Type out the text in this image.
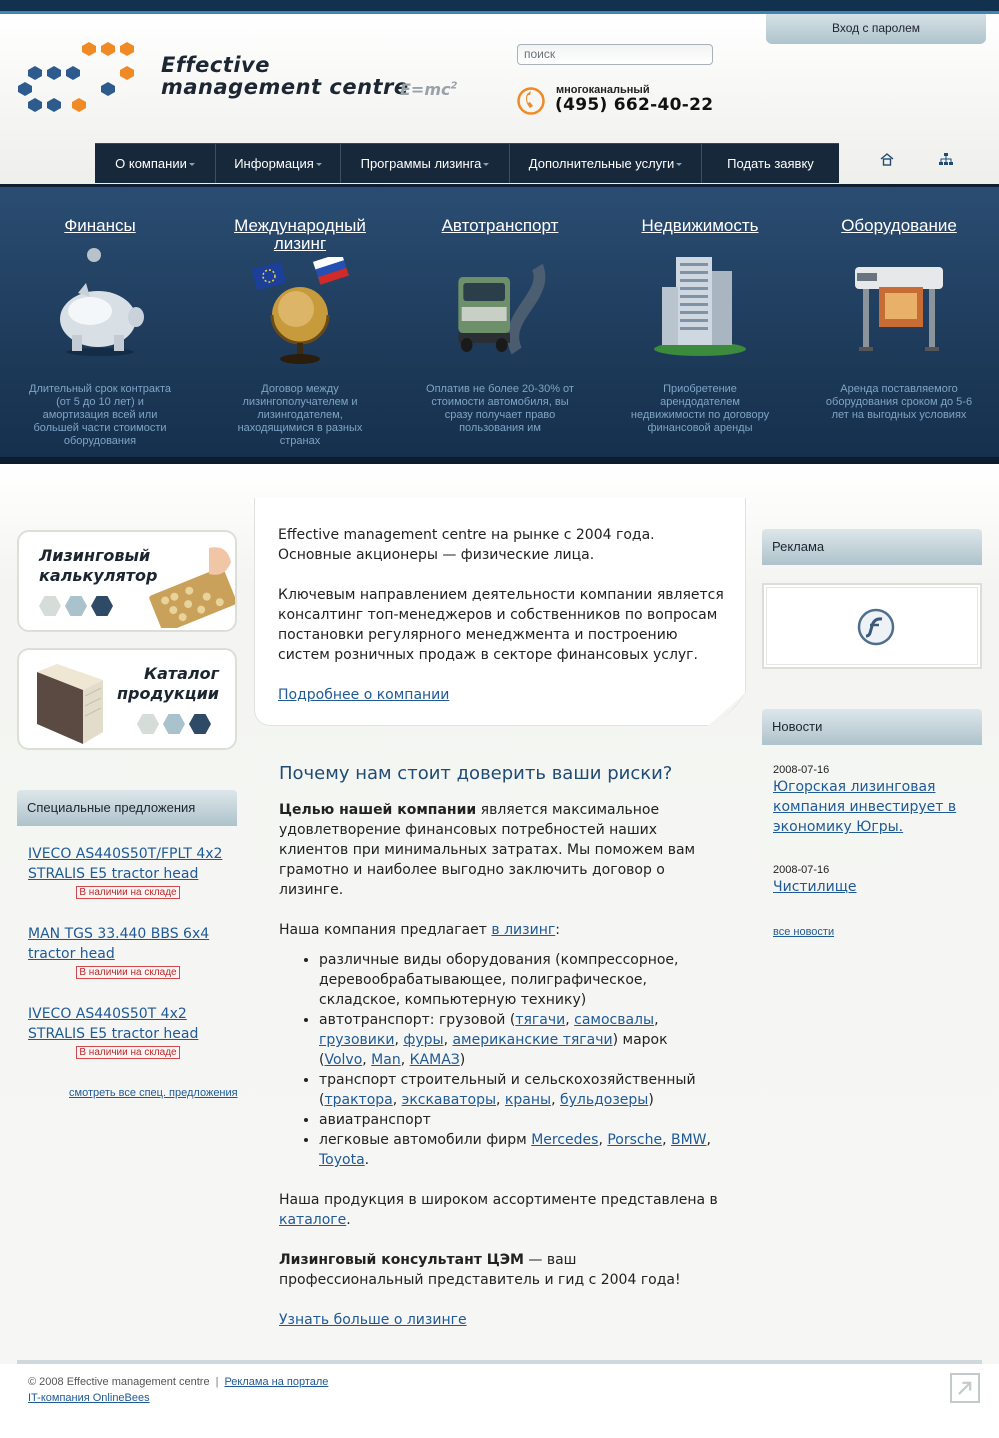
Вход с паролем
Effective
management centre
$E=mc^2$
поиск
многоканальный
(495) 662-40-22
О компании	Информация	Программы лизинга	Дополнительные услуги	Подать заявку
Финансы
Длительный срок контракта (от 5 до 10 лет) и амортизация всей или большей части стоимости оборудования
Международный лизинг
Договор между лизингополучателем и лизингодателем, находящимися в разных странах
Автотранспорт
Оплатив не более 20-30% от стоимости автомобиля, вы сразу получает право пользования им
Недвижимость
Приобретение арендодателем недвижимости по договору финансовой аренды
Оборудование
Аренда поставляемого оборудования сроком до 5-6 лет на выгодных условиях
Лизинговый
калькулятор
Каталог
продукции
Специальные предложения
IVECO AS440S50T/FPLT 4x2 STRALIS E5 tractor head
В наличии на складе
MAN TGS 33.440 BBS 6x4 tractor head
В наличии на складе
IVECO AS440S50T 4x2 STRALIS E5 tractor head
В наличии на складе
смотреть все спец. предложения

Effective management centre на рынке с 2004 года. Основные акционеры — физические лица.

Ключевым направлением деятельности компании является консалтинг топ-менеджеров и собственников по вопросам постановки регулярного менеджмента и построению систем розничных продаж в секторе финансовых услуг.

Подробнее о компании

Почему нам стоит доверить ваши риски?

Целью нашей компании является максимальное удовлетворение финансовых потребностей наших клиентов при минимальных затратах. Мы поможем вам грамотно и наиболее выгодно заключить договор о лизинге.

Наша компания предлагает в лизинг:

• различные виды оборудования (компрессорное, деревообрабатывающее, полиграфическое, складское, компьютерную технику)
• автотранспорт: грузовой (тягачи, самосвалы, грузовики, фуры, американские тягачи) марок (Volvo, Man, КАМАЗ)
• транспорт строительный и сельскохозяйственный (трактора, экскаваторы, краны, бульдозеры)
• авиатранспорт
• легковые автомобили фирм Mercedes, Porsche, BMW, Toyota.

Наша продукция в широком ассортименте представлена в каталоге.

Лизинговый консультант ЦЭМ — ваш профессиональный представитель и гид с 2004 года!

Узнать больше о лизинге

Реклама
Новости
2008-07-16
Югорская лизинговая компания инвестирует в экономику Югры.
2008-07-16
Чистилище
все новости
© 2008 Effective management centre | Реклама на портале
IT-компания OnlineBees
